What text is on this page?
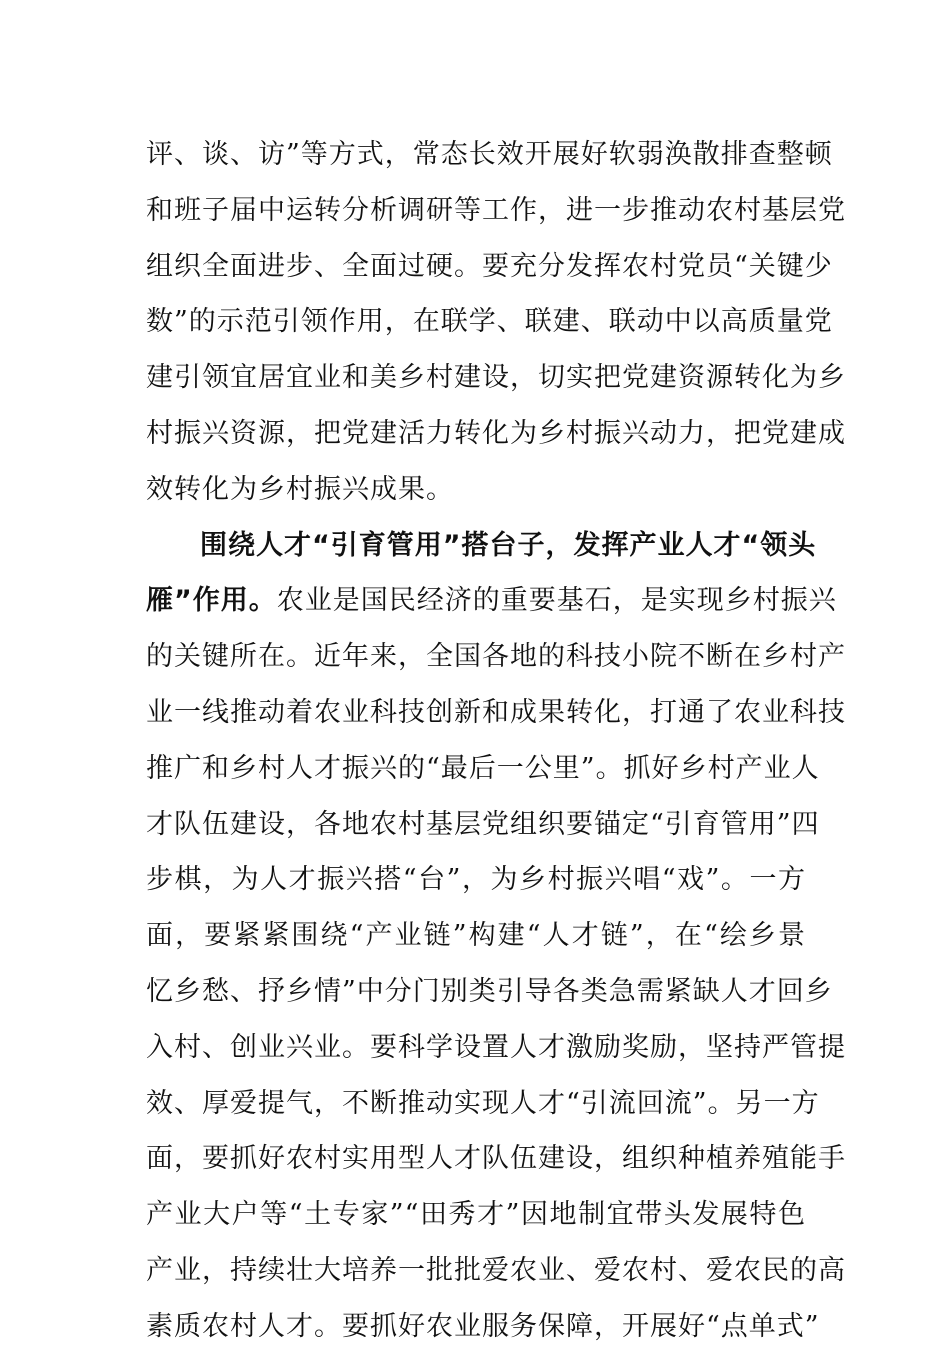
评、谈、访”等方式，常态长效开展好软弱涣散排查整顿
和班子届中运转分析调研等工作，进一步推动农村基层党
组织全面进步、全面过硬。要充分发挥农村党员“关键少
数”的示范引领作用，在联学、联建、联动中以高质量党
建引领宜居宜业和美乡村建设，切实把党建资源转化为乡
村振兴资源，把党建活力转化为乡村振兴动力，把党建成
效转化为乡村振兴成果。
围绕人才“引育管用”搭台子，发挥产业人才“领头
雁”作用。农业是国民经济的重要基石，是实现乡村振兴
的关键所在。近年来，全国各地的科技小院不断在乡村产
业一线推动着农业科技创新和成果转化，打通了农业科技
推广和乡村人才振兴的“最后一公里”。抓好乡村产业人
才队伍建设，各地农村基层党组织要锚定“引育管用”四
步棋，为人才振兴搭“台”，为乡村振兴唱“戏”。一方
面，要紧紧围绕“产业链”构建“人才链”，在“绘乡景
忆乡愁、抒乡情”中分门别类引导各类急需紧缺人才回乡
入村、创业兴业。要科学设置人才激励奖励，坚持严管提
效、厚爱提气，不断推动实现人才“引流回流”。另一方
面，要抓好农村实用型人才队伍建设，组织种植养殖能手
产业大户等“土专家”“田秀才”因地制宜带头发展特色
产业，持续壮大培养一批批爱农业、爱农村、爱农民的高
素质农村人才。要抓好农业服务保障，开展好“点单式”
